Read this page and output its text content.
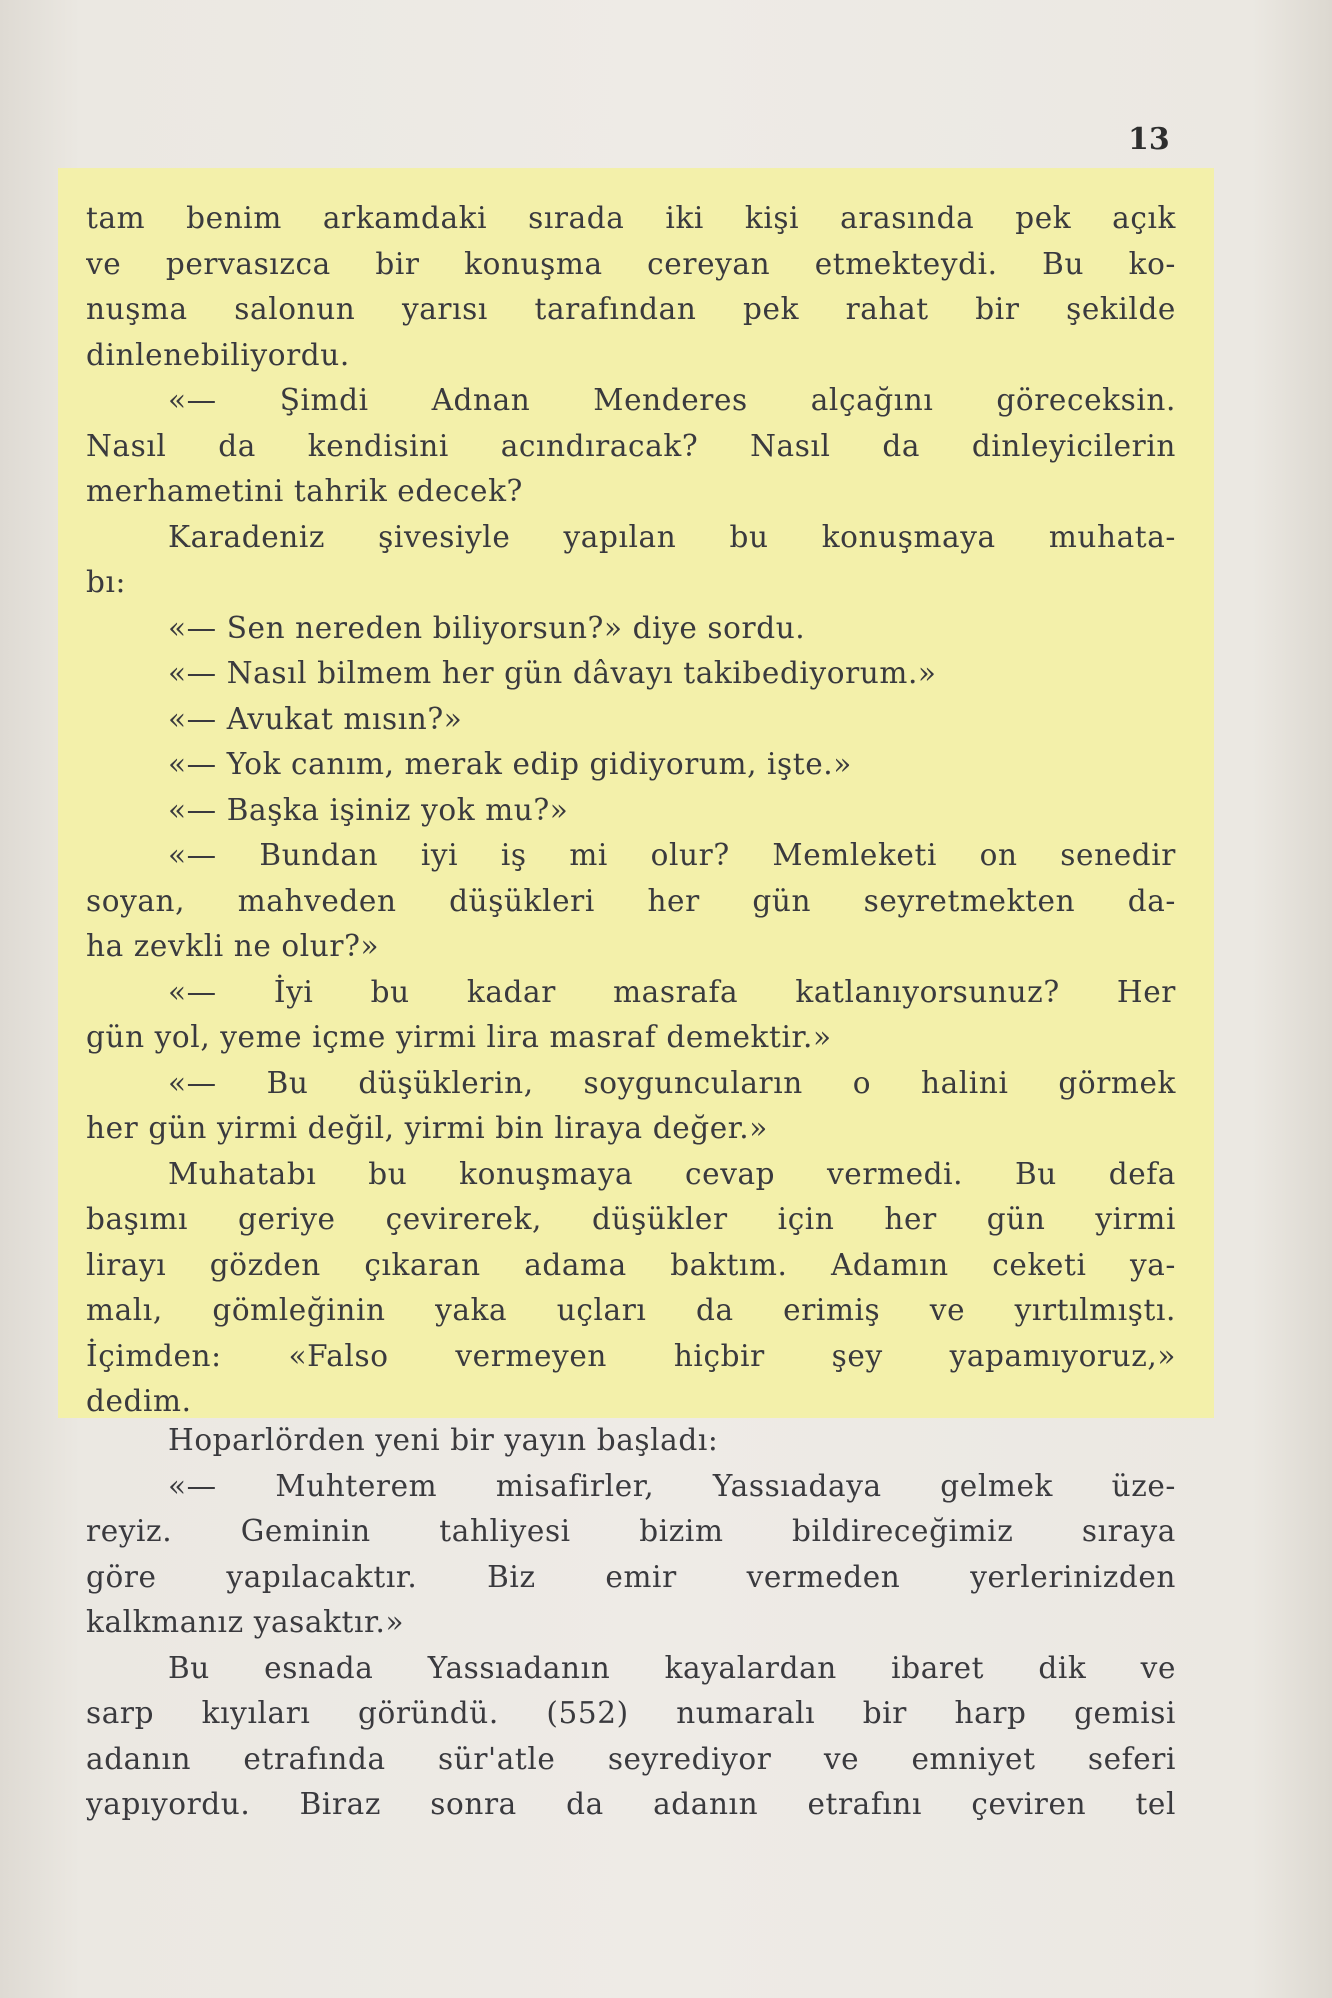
13
tam benim arkamdaki sırada iki kişi arasında pek açık
ve pervasızca bir konuşma cereyan etmekteydi. Bu ko-
nuşma salonun yarısı tarafından pek rahat bir şekilde
dinlenebiliyordu.
«— Şimdi Adnan Menderes alçağını göreceksin.
Nasıl da kendisini acındıracak? Nasıl da dinleyicilerin
merhametini tahrik edecek?
Karadeniz şivesiyle yapılan bu konuşmaya muhata-
bı:
«— Sen nereden biliyorsun?» diye sordu.
«— Nasıl bilmem her gün dâvayı takibediyorum.»
«— Avukat mısın?»
«— Yok canım, merak edip gidiyorum, işte.»
«— Başka işiniz yok mu?»
«— Bundan iyi iş mi olur? Memleketi on senedir
soyan, mahveden düşükleri her gün seyretmekten da-
ha zevkli ne olur?»
«— İyi bu kadar masrafa katlanıyorsunuz? Her
gün yol, yeme içme yirmi lira masraf demektir.»
«— Bu düşüklerin, soyguncuların o halini görmek
her gün yirmi değil, yirmi bin liraya değer.»
Muhatabı bu konuşmaya cevap vermedi. Bu defa
başımı geriye çevirerek, düşükler için her gün yirmi
lirayı gözden çıkaran adama baktım. Adamın ceketi ya-
malı, gömleğinin yaka uçları da erimiş ve yırtılmıştı.
İçimden: «Falso vermeyen hiçbir şey yapamıyoruz,»
dedim.
Hoparlörden yeni bir yayın başladı:
«— Muhterem misafirler, Yassıadaya gelmek üze-
reyiz. Geminin tahliyesi bizim bildireceğimiz sıraya
göre yapılacaktır. Biz emir vermeden yerlerinizden
kalkmanız yasaktır.»
Bu esnada Yassıadanın kayalardan ibaret dik ve
sarp kıyıları göründü. (552) numaralı bir harp gemisi
adanın etrafında sür'atle seyrediyor ve emniyet seferi
yapıyordu. Biraz sonra da adanın etrafını çeviren tel
